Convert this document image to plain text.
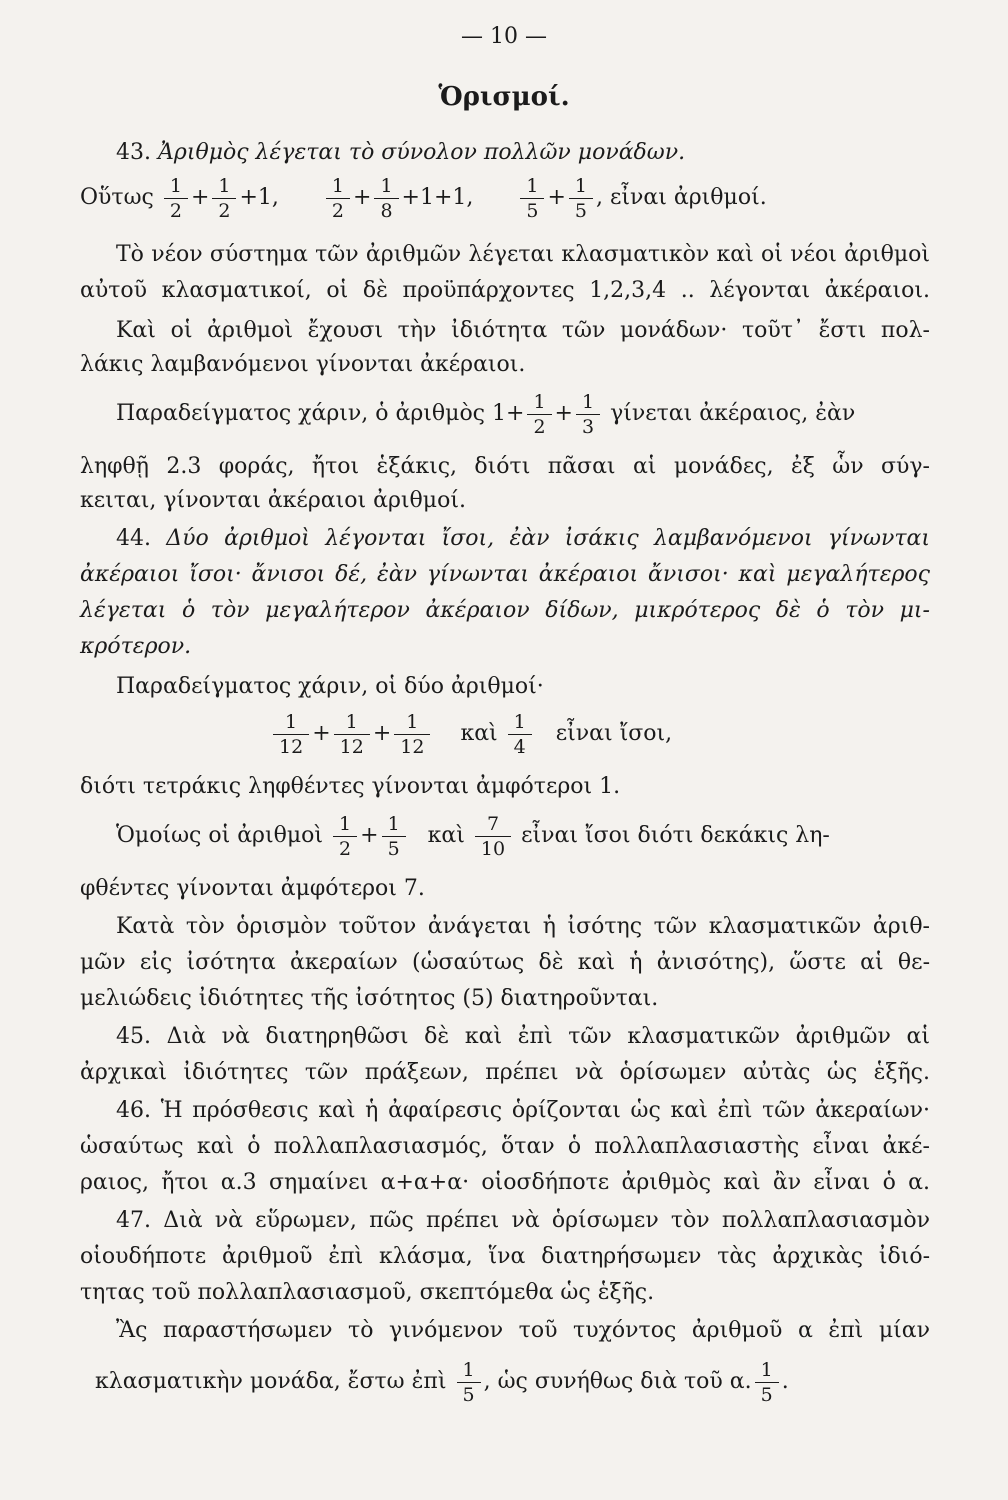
— 10 —
Ὁρισμοί.
43. Ἀριθμὸς λέγεται τὸ σύνολον πολλῶν μονάδων.
Οὕτως $\frac{1}{2} + \frac{1}{2} +1$, $\frac{1}{2} + \frac{1}{8} +1+1$, $\frac{1}{5} + \frac{1}{5}$ , εἶναι ἀριθμοί.
Τὸ νέον σύστημα τῶν ἀριθμῶν λέγεται κλασματικὸν καὶ οἱ νέοι ἀριθμοὶ
αὐτοῦ κλασματικοί, οἱ δὲ προϋπάρχοντες 1,2,3,4 .. λέγονται ἀκέραιοι.
Καὶ οἱ ἀριθμοὶ ἔχουσι τὴν ἰδιότητα τῶν μονάδων· τοῦτ᾽ ἔστι πολ-
λάκις λαμβανόμενοι γίνονται ἀκέραιοι.
Παραδείγματος χάριν, ὁ ἀριθμὸς $1+ \frac{1}{2} + \frac{1}{3}$ γίνεται ἀκέραιος, ἐὰν
ληφθῇ 2.3 φοράς, ἤτοι ἑξάκις, διότι πᾶσαι αἱ μονάδες, ἐξ ὧν σύγ-
κειται, γίνονται ἀκέραιοι ἀριθμοί.
44. Δύο ἀριθμοὶ λέγονται ἴσοι, ἐὰν ἰσάκις λαμβανόμενοι γίνωνται
ἀκέραιοι ἴσοι· ἄνισοι δέ, ἐὰν γίνωνται ἀκέραιοι ἄνισοι· καὶ μεγαλήτερος
λέγεται ὁ τὸν μεγαλήτερον ἀκέραιον δίδων, μικρότερος δὲ ὁ τὸν μι-
κρότερον.
Παραδείγματος χάριν, οἱ δύο ἀριθμοί·
$\frac{1}{12} + \frac{1}{12} + \frac{1}{12}$ καὶ $\frac{1}{4}$ εἶναι ἴσοι,
διότι τετράκις ληφθέντες γίνονται ἀμφότεροι 1.
Ὁμοίως οἱ ἀριθμοὶ $\frac{1}{2} + \frac{1}{5}$ καὶ $\frac{7}{10}$ εἶναι ἴσοι διότι δεκάκις λη-
φθέντες γίνονται ἀμφότεροι 7.
Κατὰ τὸν ὁρισμὸν τοῦτον ἀνάγεται ἡ ἰσότης τῶν κλασματικῶν ἀριθ-
μῶν εἰς ἰσότητα ἀκεραίων (ὡσαύτως δὲ καὶ ἡ ἀνισότης), ὥστε αἱ θε-
μελιώδεις ἰδιότητες τῆς ἰσότητος (5) διατηροῦνται.
45. Διὰ νὰ διατηρηθῶσι δὲ καὶ ἐπὶ τῶν κλασματικῶν ἀριθμῶν αἱ
ἀρχικαὶ ἰδιότητες τῶν πράξεων, πρέπει νὰ ὁρίσωμεν αὐτὰς ὡς ἑξῆς.
46. Ἡ πρόσθεσις καὶ ἡ ἀφαίρεσις ὁρίζονται ὡς καὶ ἐπὶ τῶν ἀκεραίων·
ὡσαύτως καὶ ὁ πολλαπλασιασμός, ὅταν ὁ πολλαπλασιαστὴς εἶναι ἀκέ-
ραιος, ἤτοι α.3 σημαίνει α+α+α· οἱοσδήποτε ἀριθμὸς καὶ ἂν εἶναι ὁ α.
47. Διὰ νὰ εὕρωμεν, πῶς πρέπει νὰ ὁρίσωμεν τὸν πολλαπλασιασμὸν
οἱουδήποτε ἀριθμοῦ ἐπὶ κλάσμα, ἵνα διατηρήσωμεν τὰς ἀρχικὰς ἰδιό-
τητας τοῦ πολλαπλασιασμοῦ, σκεπτόμεθα ὡς ἑξῆς.
Ἂς παραστήσωμεν τὸ γινόμενον τοῦ τυχόντος ἀριθμοῦ α ἐπὶ μίαν
κλασματικὴν μονάδα, ἔστω ἐπὶ $\frac{1}{5}$ , ὡς συνήθως διὰ τοῦ α. $\frac{1}{5}$ .
